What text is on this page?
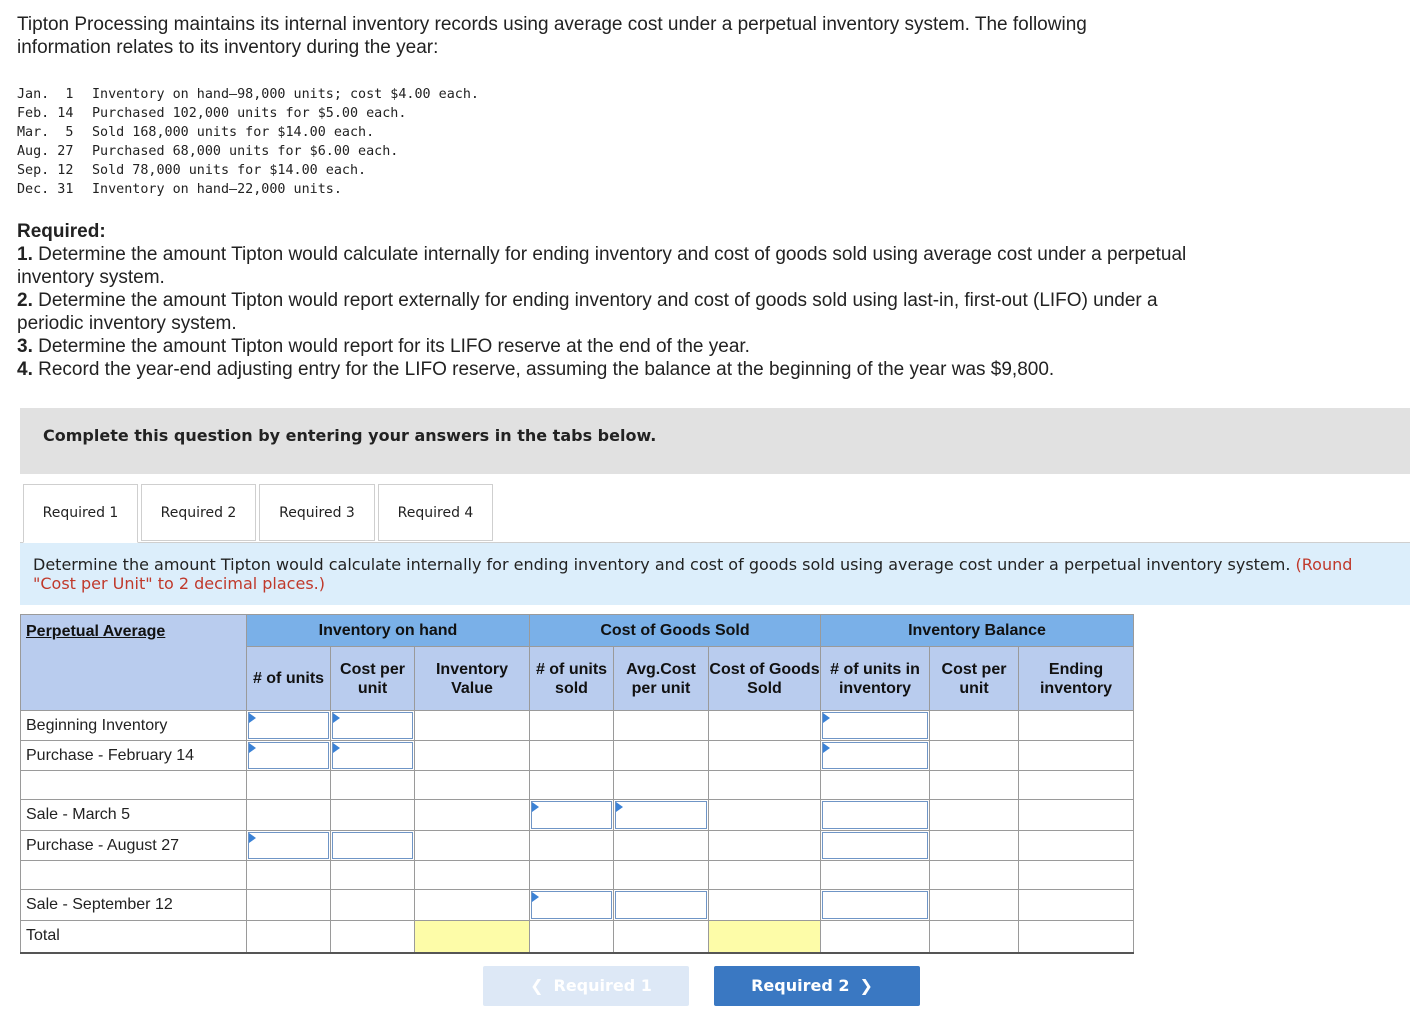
Tipton Processing maintains its internal inventory records using average cost under a perpetual inventory system. The following information relates to its inventory during the year:
Jan.  1 Inventory on hand—98,000 units; cost $4.00 each.
Feb. 14 Purchased 102,000 units for $5.00 each.
Mar.  5 Sold 168,000 units for $14.00 each.
Aug. 27 Purchased 68,000 units for $6.00 each.
Sep. 12 Sold 78,000 units for $14.00 each.
Dec. 31 Inventory on hand—22,000 units.
Required:
1. Determine the amount Tipton would calculate internally for ending inventory and cost of goods sold using average cost under a perpetual inventory system.
2. Determine the amount Tipton would report externally for ending inventory and cost of goods sold using last-in, first-out (LIFO) under a periodic inventory system.
3. Determine the amount Tipton would report for its LIFO reserve at the end of the year.
4. Record the year-end adjusting entry for the LIFO reserve, assuming the balance at the beginning of the year was $9,800.
Complete this question by entering your answers in the tabs below.
Required 1	Required 2	Required 3	Required 4
Determine the amount Tipton would calculate internally for ending inventory and cost of goods sold using average cost under a perpetual inventory system. (Round "Cost per Unit" to 2 decimal places.)
Perpetual Average	Inventory on hand			Cost of Goods Sold			Inventory Balance		
	# of units	Cost per unit	Inventory Value	# of units sold	Avg.Cost per unit	Cost of Goods Sold	# of units in inventory	Cost per unit	Ending inventory
Beginning Inventory	

Purchase - February 14	

Sale - March 5				

Purchase - August 27	

Sale - September 12				

Total									
❮ Required 1	Required 2 ❯
